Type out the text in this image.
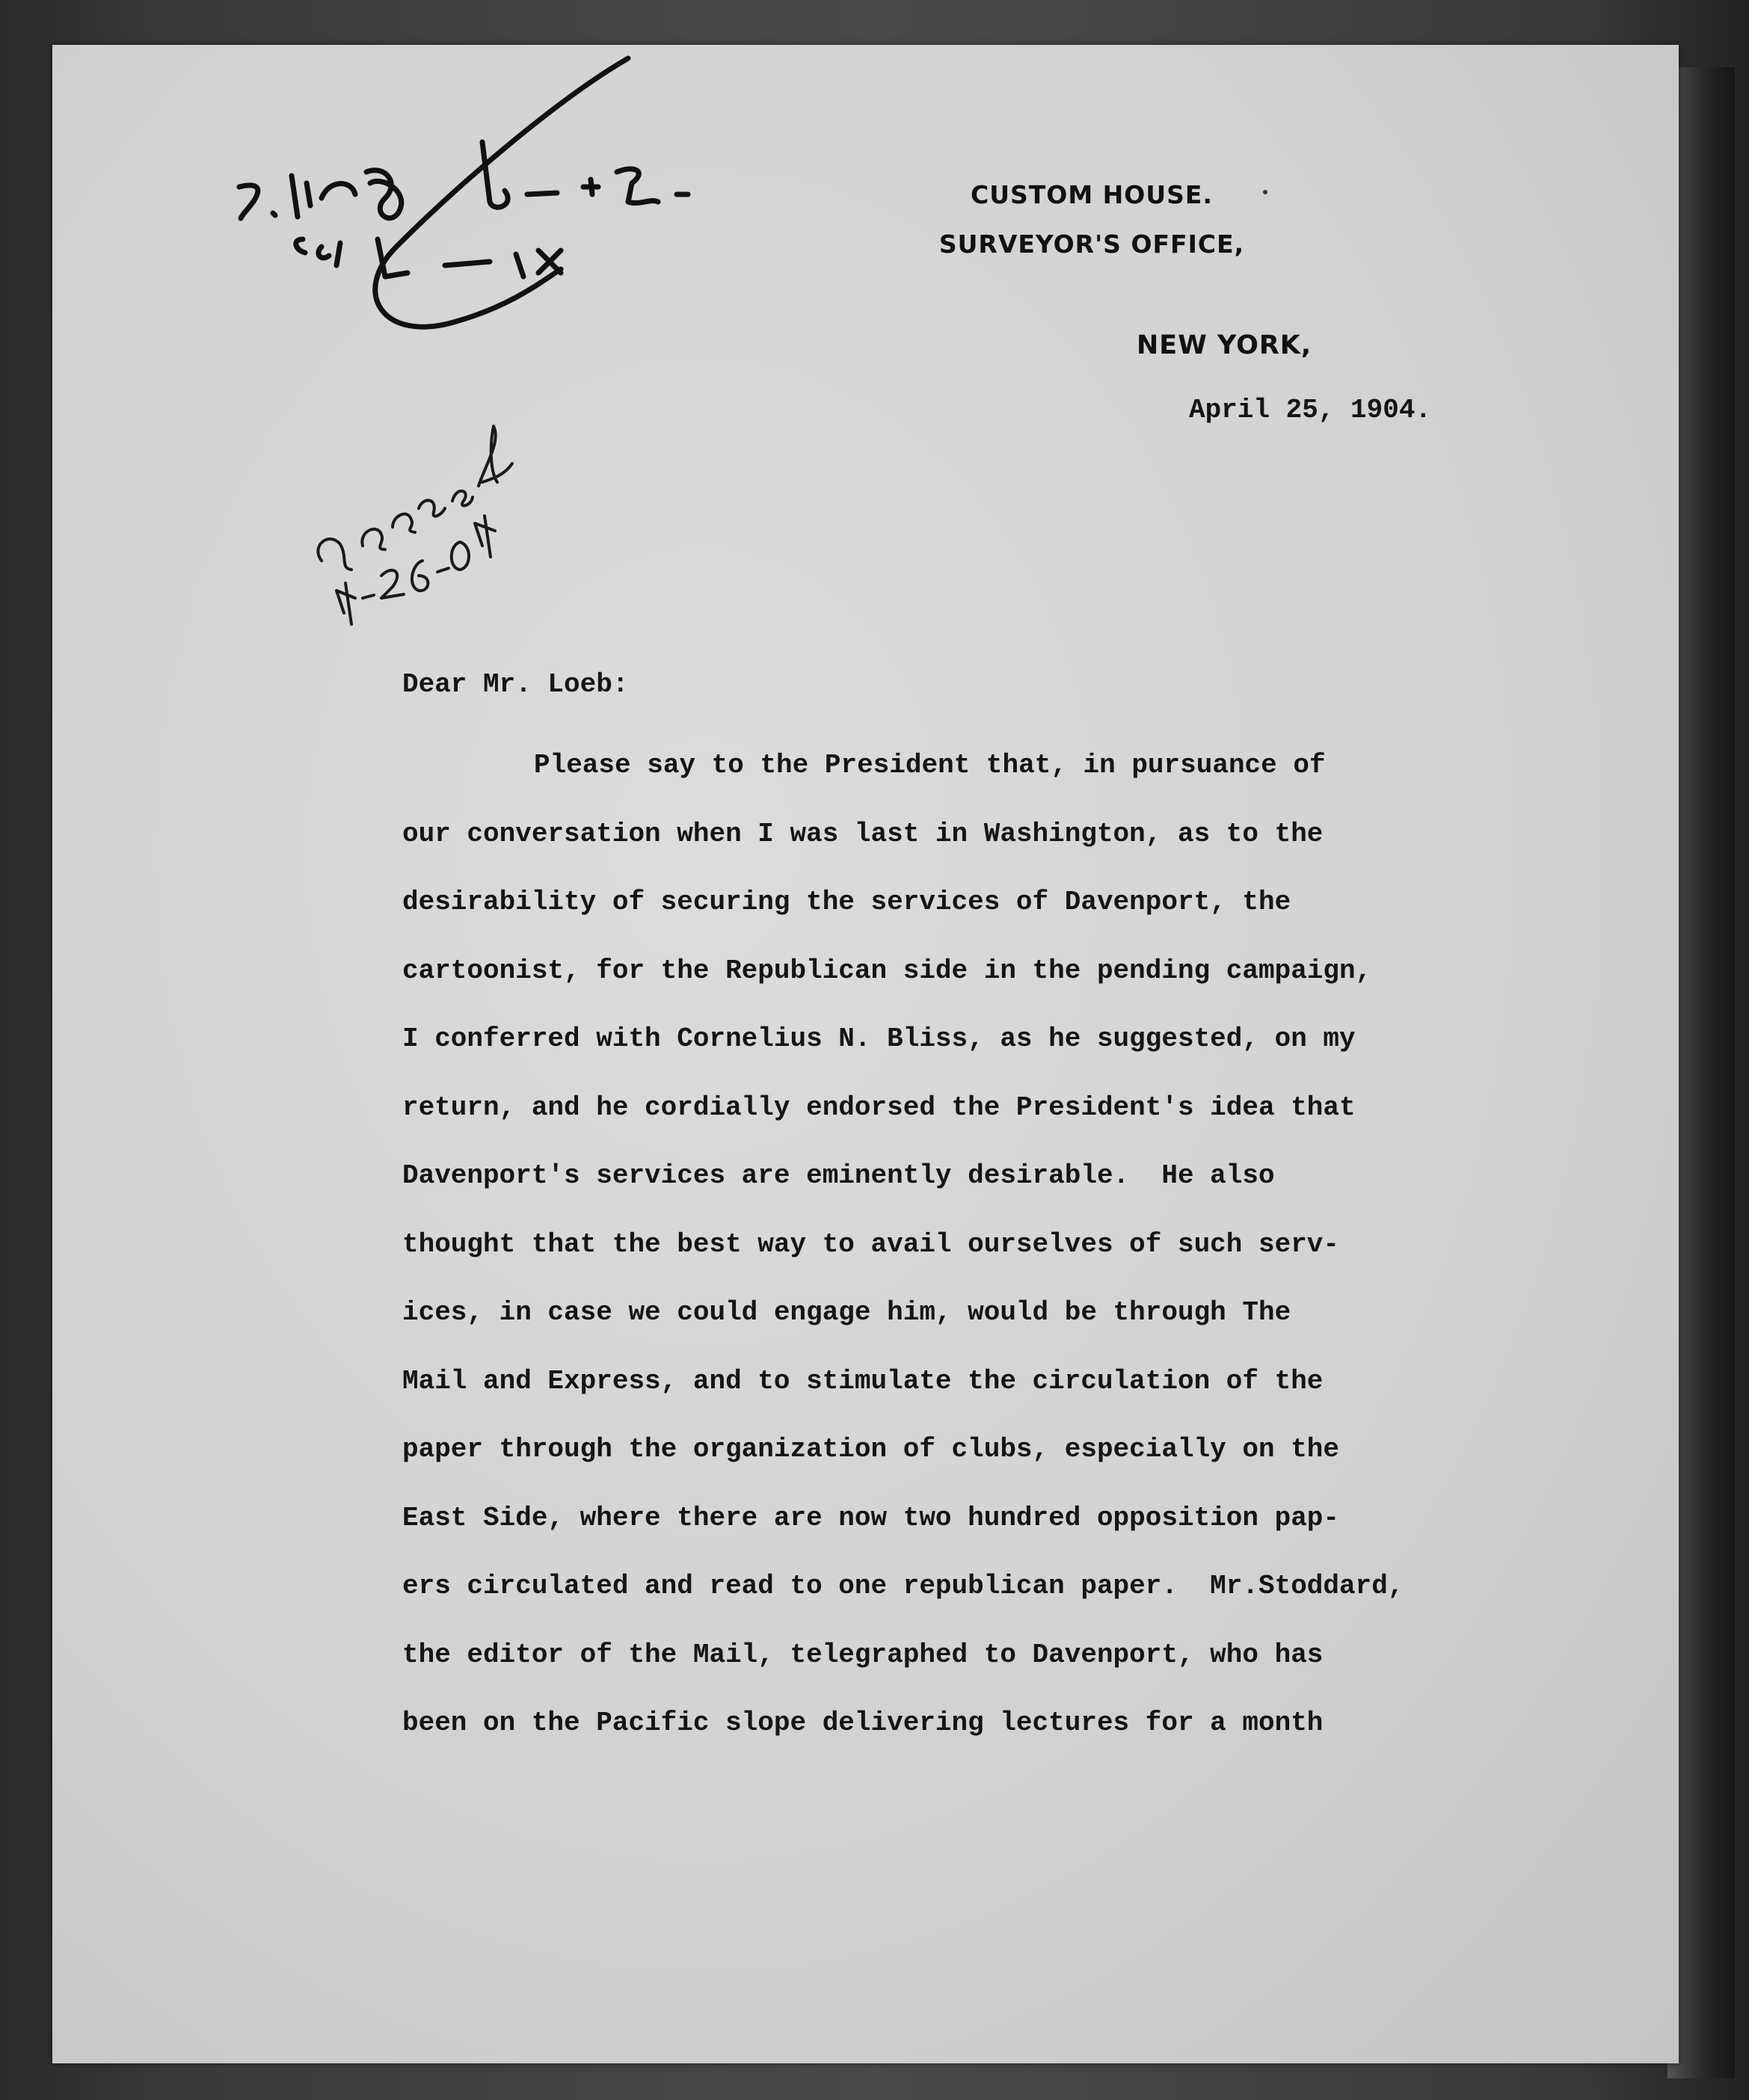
CUSTOM HOUSE.
SURVEYOR'S OFFICE,
NEW YORK,
April 25, 1904.
Dear Mr. Loeb:
Please say to the President that, in pursuance of
our conversation when I was last in Washington, as to the
desirability of securing the services of Davenport, the
cartoonist, for the Republican side in the pending campaign,
I conferred with Cornelius N. Bliss, as he suggested, on my
return, and he cordially endorsed the President's idea that
Davenport's services are eminently desirable.  He also
thought that the best way to avail ourselves of such serv-
ices, in case we could engage him, would be through The
Mail and Express, and to stimulate the circulation of the
paper through the organization of clubs, especially on the
East Side, where there are now two hundred opposition pap-
ers circulated and read to one republican paper.  Mr.Stoddard,
the editor of the Mail, telegraphed to Davenport, who has
been on the Pacific slope delivering lectures for a month
